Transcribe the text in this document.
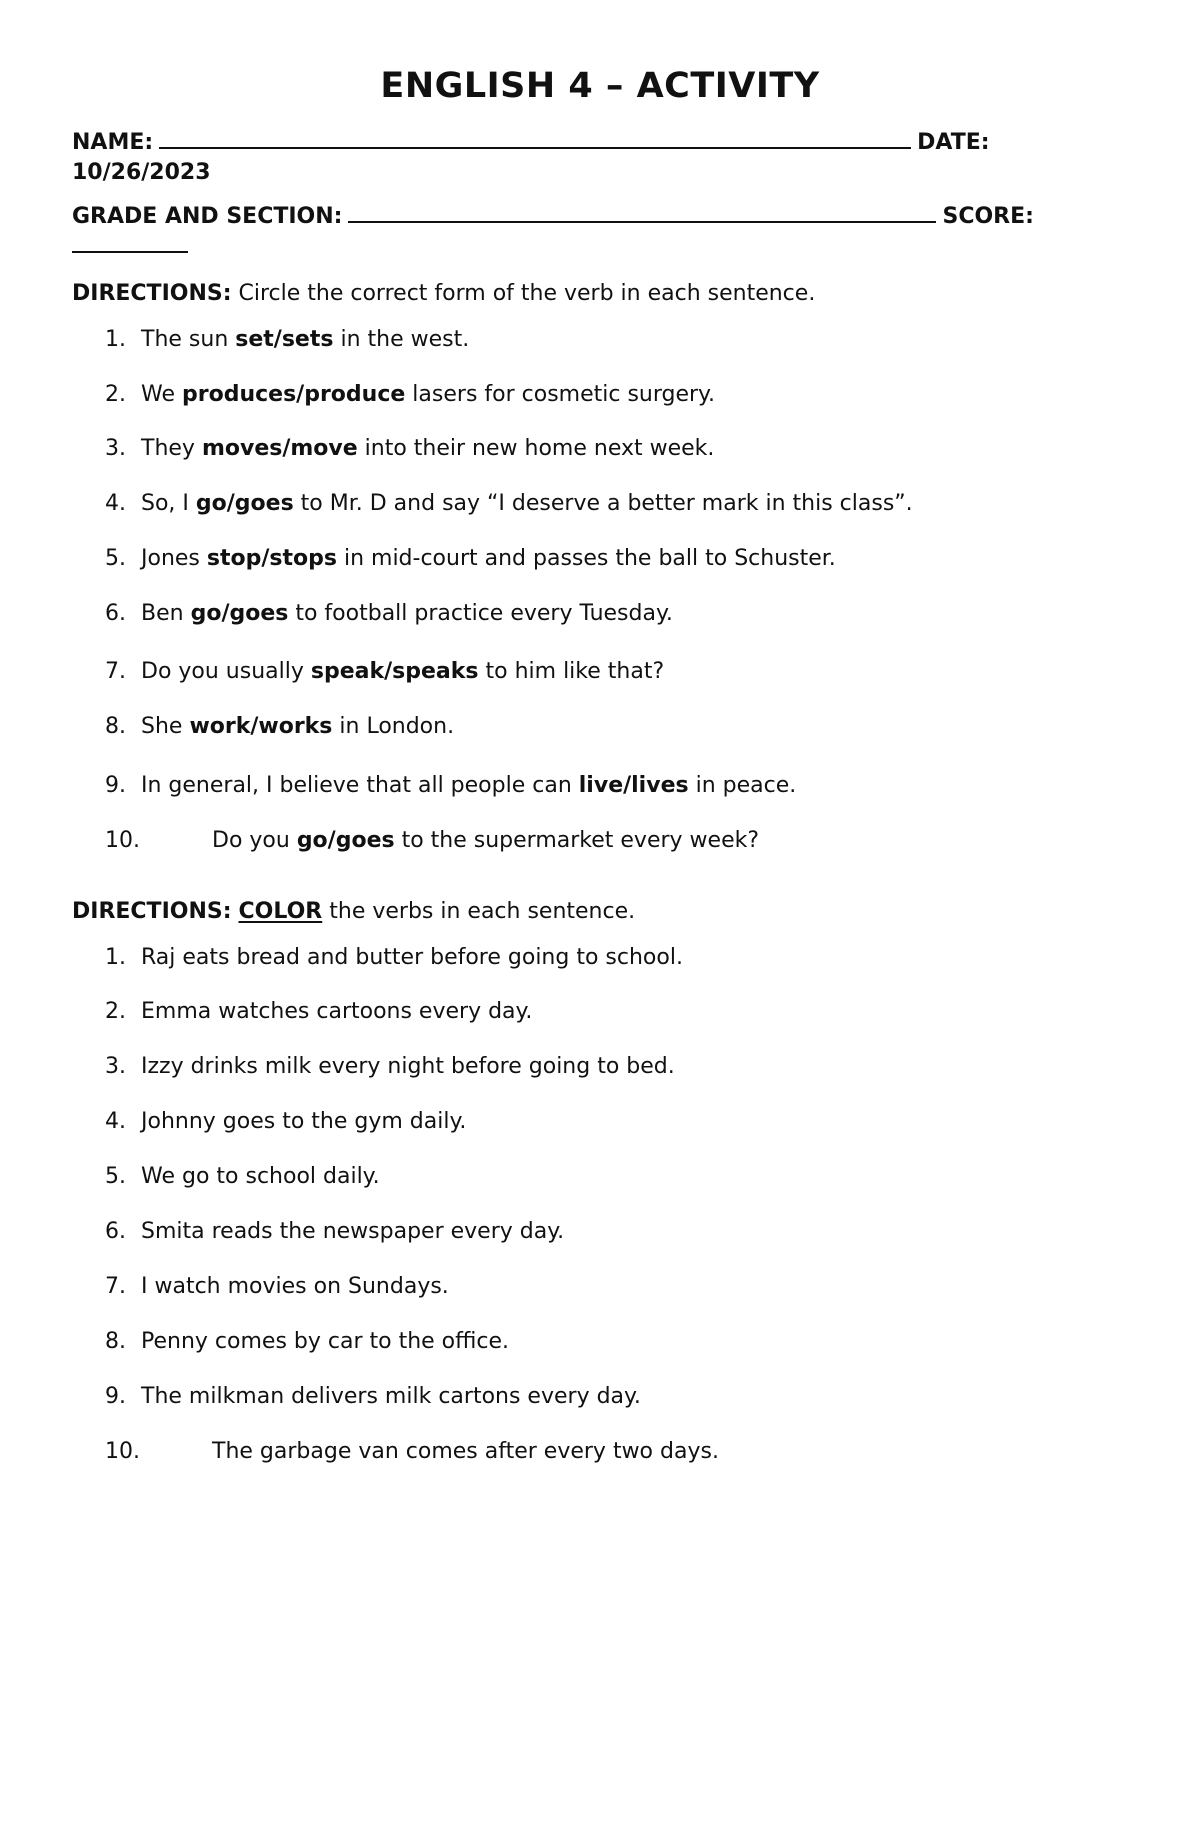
ENGLISH 4 – ACTIVITY

NAME:	DATE:

10/26/2023

GRADE AND SECTION:	SCORE:

DIRECTIONS: Circle the correct form of the verb in each sentence.

1. The sun set/sets in the west.
2. We produces/produce lasers for cosmetic surgery.
3. They moves/move into their new home next week.
4. So, I go/goes to Mr. D and say “I deserve a better mark in this class”.
5. Jones stop/stops in mid-court and passes the ball to Schuster.
6. Ben go/goes to football practice every Tuesday.
7. Do you usually speak/speaks to him like that?
8. She work/works in London.
9. In general, I believe that all people can live/lives in peace.
10.	Do you go/goes to the supermarket every week?

DIRECTIONS: COLOR the verbs in each sentence.

1. Raj eats bread and butter before going to school.
2. Emma watches cartoons every day.
3. Izzy drinks milk every night before going to bed.
4. Johnny goes to the gym daily.
5. We go to school daily.
6. Smita reads the newspaper every day.
7. I watch movies on Sundays.
8. Penny comes by car to the office.
9. The milkman delivers milk cartons every day.
10.	The garbage van comes after every two days.
